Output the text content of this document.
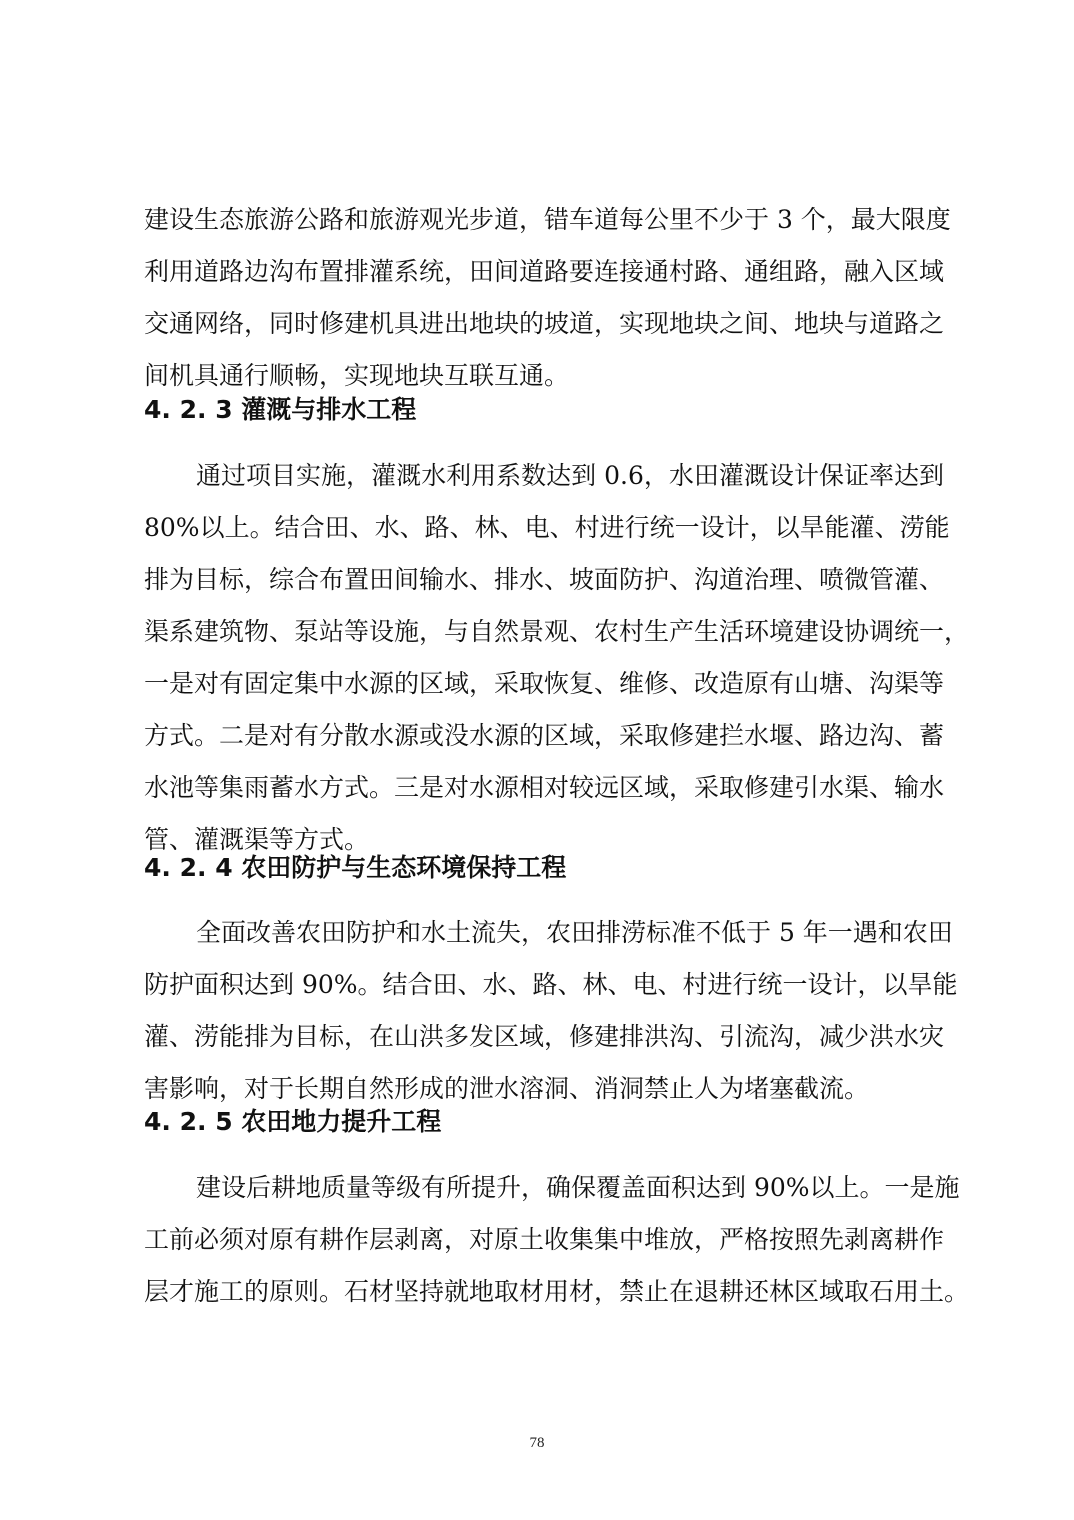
建设生态旅游公路和旅游观光步道，错车道每公里不少于 3 个，最大限度
利用道路边沟布置排灌系统，田间道路要连接通村路、通组路，融入区域
交通网络，同时修建机具进出地块的坡道，实现地块之间、地块与道路之
间机具通行顺畅，实现地块互联互通。
4. 2. 3 灌溉与排水工程
通过项目实施，灌溉水利用系数达到 0.6，水田灌溉设计保证率达到
80%以上。结合田、水、路、林、电、村进行统一设计，以旱能灌、涝能
排为目标，综合布置田间输水、排水、坡面防护、沟道治理、喷微管灌、
渠系建筑物、泵站等设施，与自然景观、农村生产生活环境建设协调统一，
一是对有固定集中水源的区域，采取恢复、维修、改造原有山塘、沟渠等
方式。二是对有分散水源或没水源的区域，采取修建拦水堰、路边沟、蓄
水池等集雨蓄水方式。三是对水源相对较远区域，采取修建引水渠、输水
管、灌溉渠等方式。
4. 2. 4 农田防护与生态环境保持工程
全面改善农田防护和水土流失，农田排涝标准不低于 5 年一遇和农田
防护面积达到 90%。结合田、水、路、林、电、村进行统一设计，以旱能
灌、涝能排为目标，在山洪多发区域，修建排洪沟、引流沟，减少洪水灾
害影响，对于长期自然形成的泄水溶洞、消洞禁止人为堵塞截流。
4. 2. 5 农田地力提升工程
建设后耕地质量等级有所提升，确保覆盖面积达到 90%以上。一是施
工前必须对原有耕作层剥离，对原土收集集中堆放，严格按照先剥离耕作
层才施工的原则。石材坚持就地取材用材，禁止在退耕还林区域取石用土。
78
